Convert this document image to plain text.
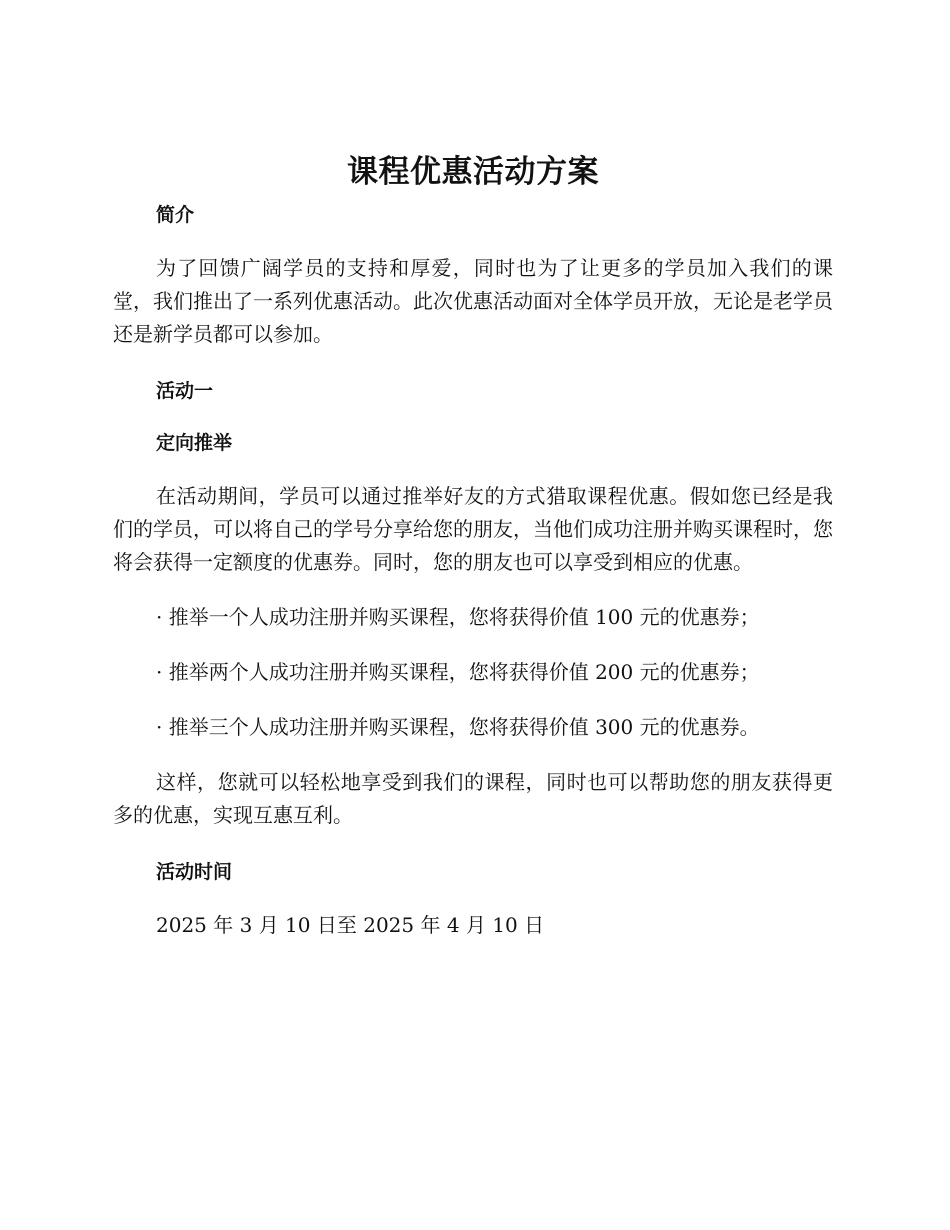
课程优惠活动方案

简介

为了回馈广阔学员的支持和厚爱，同时也为了让更多的学员加入我们的课堂，我们推出了一系列优惠活动。此次优惠活动面对全体学员开放，无论是老学员还是新学员都可以参加。

活动一

定向推举

在活动期间，学员可以通过推举好友的方式猎取课程优惠。假如您已经是我们的学员，可以将自己的学号分享给您的朋友，当他们成功注册并购买课程时，您将会获得一定额度的优惠券。同时，您的朋友也可以享受到相应的优惠。

· 推举一个人成功注册并购买课程，您将获得价值 100 元的优惠券；

· 推举两个人成功注册并购买课程，您将获得价值 200 元的优惠券；

· 推举三个人成功注册并购买课程，您将获得价值 300 元的优惠券。

这样，您就可以轻松地享受到我们的课程，同时也可以帮助您的朋友获得更多的优惠，实现互惠互利。

活动时间

2025 年 3 月 10 日至 2025 年 4 月 10 日
